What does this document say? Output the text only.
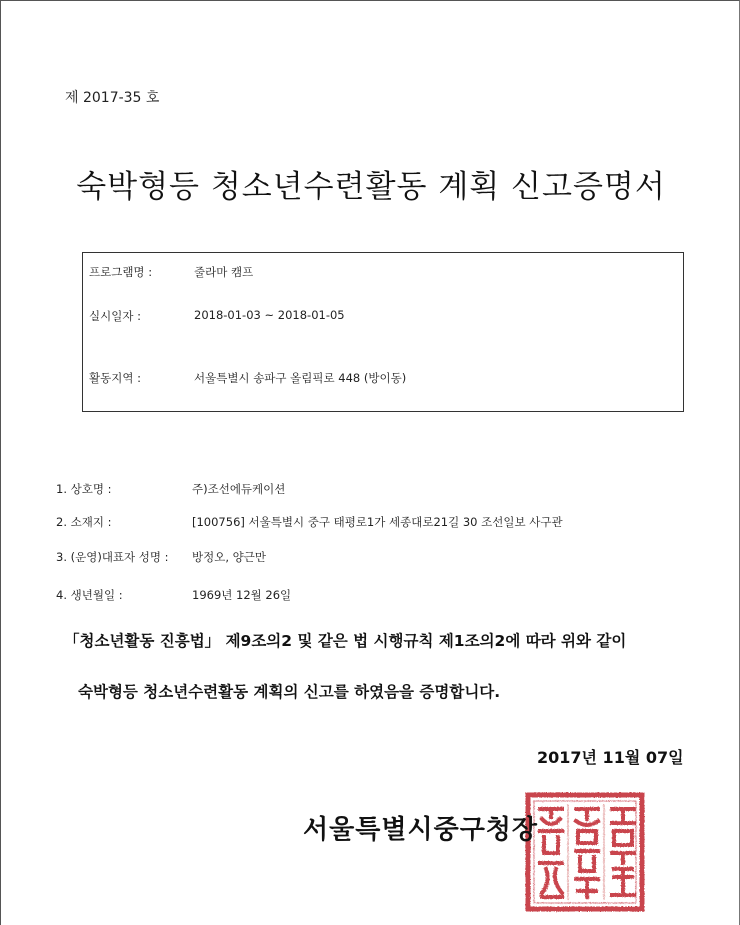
제 2017-35 호
숙박형등 청소년수련활동 계획 신고증명서
프로그램명 :	줄라마 캠프
실시일자 :	2018-01-03 ~ 2018-01-05
활동지역 :	서울특별시 송파구 올림픽로 448 (방이동)
1. 상호명 :	주)조선에듀케이션
2. 소재지 :	[100756] 서울특별시 중구 태평로1가 세종대로21길 30 조선일보 사구관
3. (운영)대표자 성명 : 방정오, 양근만
4. 생년월일 :	1969년 12월 26일
「청소년활동 진흥법」 제9조의2 및 같은 법 시행규칙 제1조의2에 따라 위와 같이
숙박형등 청소년수련활동 계획의 신고를 하였음을 증명합니다.
2017년 11월 07일
서울특별시중구청장
